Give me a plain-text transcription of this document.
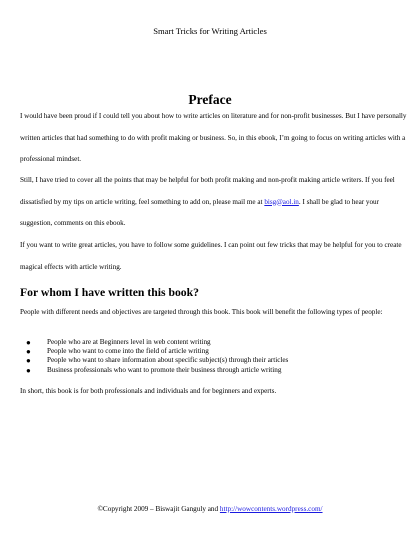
Smart Tricks for Writing Articles
Preface

I would have been proud if I could tell you about how to write articles on literature and for non-profit businesses. But I have personally written articles that had something to do with profit making or business. So, in this ebook, I’m going to focus on writing articles with a professional mindset.

Still, I have tried to cover all the points that may be helpful for both profit making and non-profit making article writers. If you feel dissatisfied by my tips on article writing, feel something to add on, please mail me at bisg@aol.in. I shall be glad to hear your suggestion, comments on this ebook.

If you want to write great articles, you have to follow some guidelines. I can point out few tricks that may be helpful for you to create magical effects with article writing.

For whom I have written this book?

People with different needs and objectives are targeted through this book. This book will benefit the following types of people:

● People who are at Beginners level in web content writing
● People who want to come into the field of article writing
● People who want to share information about specific subject(s) through their articles
● Business professionals who want to promote their business through article writing

In short, this book is for both professionals and individuals and for beginners and experts.

©Copyright 2009 – Biswajit Ganguly and http://wowcontents.wordpress.com/
